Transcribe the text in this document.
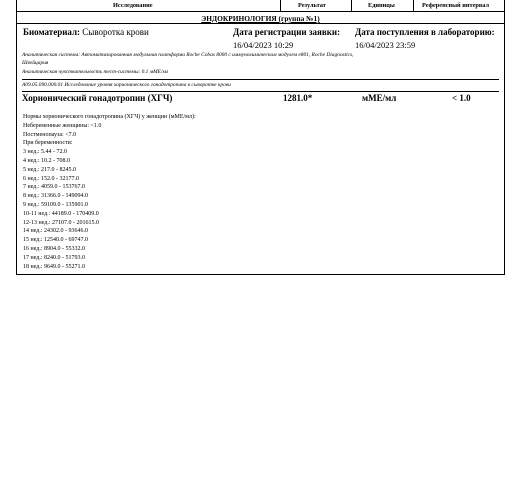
Исследование	Результат	Единицы	Референсный интервал
ЭНДОКРИНОЛОГИЯ (группа №1)
Биоматериал: Сыворотка крови	Дата регистрации заявки:
16/04/2023 10:29
Дата поступления в лабораторию:
16/04/2023 23:59
Аналитическая система: Автоматизированная модульная платформа Roche Cobas 8000 с иммунохимическим модулем e801, Roche Diagnostics,
Швейцария
Аналитическая чувствительность тест-системы: 0.1 мМЕ/мл
A09.05.090.000.01 Исследование уровня хорионического гонадотропина в сыворотке крови
Хорионический гонадотропин (ХГЧ)	1281.0*	мМЕ/мл	< 1.0
Нормы хорионического гонадотропина (ХГЧ) у женщин (мМЕ/мл):
Небеременные женщины: <1.0
Постменопауза: <7.0
При беременности:
3 нед.: 5.44 - 72.0
4 нед.: 10.2 - 708.0
5 нед.: 217.0 - 8245.0
6 нед.: 152.0 - 32177.0
7 нед.: 4059.0 - 153767.0
8 нед.: 31366.0 - 149094.0
9 нед.: 59109.0 - 135901.0
10-11 нед.: 44189.0 - 170409.0
12-13 нед.: 27107.0 - 201615.0
14 нед.: 24302.0 - 93646.0
15 нед.: 12540.0 - 69747.0
16 нед.: 8904.0 - 55332.0
17 нед.: 8240.0 - 51793.0
18 нед.: 9649.0 - 55271.0
